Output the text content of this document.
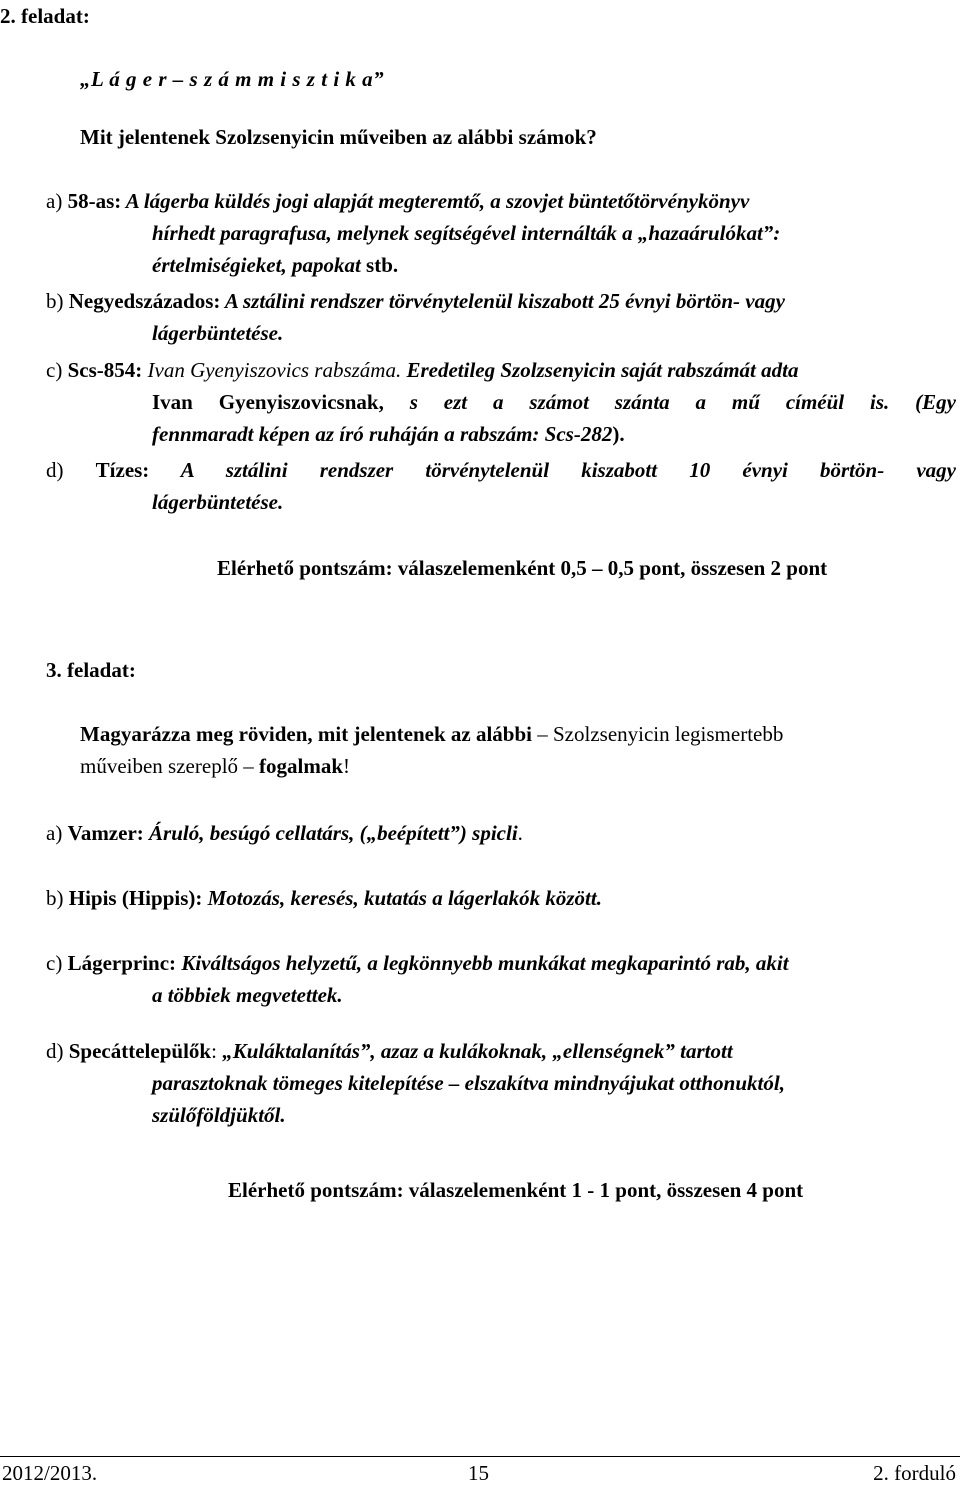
2. feladat:
„L á g e r – s z á m m i s z t i k a”
Mit jelentenek Szolzsenyicin műveiben az alábbi számok?
a) 58-as: A lágerba küldés jogi alapját megteremtő, a szovjet büntetőtörvénykönyv
hírhedt paragrafusa, melynek segítségével internálták a „hazaárulókat”:
értelmiségieket, papokat stb.
b) Negyedszázados: A sztálini rendszer törvénytelenül kiszabott 25 évnyi börtön- vagy
lágerbüntetése.
c) Scs-854: Ivan Gyenyiszovics rabszáma. Eredetileg Szolzsenyicin saját rabszámát adta
Ivan Gyenyiszovicsnak, s ezt a számot szánta a mű címéül is. (Egy
fennmaradt képen az író ruháján a rabszám: Scs-282).
d) Tízes: A sztálini rendszer törvénytelenül kiszabott 10 évnyi börtön- vagy
lágerbüntetése.
Elérhető pontszám: válaszelemenként 0,5 – 0,5 pont, összesen 2 pont
3. feladat:
Magyarázza meg röviden, mit jelentenek az alábbi – Szolzsenyicin legismertebb
műveiben szereplő – fogalmak!
a) Vamzer: Áruló, besúgó cellatárs, („beépített”) spicli.
b) Hipis (Hippis): Motozás, keresés, kutatás a lágerlakók között.
c) Lágerprinc: Kiváltságos helyzetű, a legkönnyebb munkákat megkaparintó rab, akit
a többiek megvetettek.
d) Specáttelepülők: „Kuláktalanítás”, azaz a kulákoknak, „ellenségnek” tartott
parasztoknak tömeges kitelepítése – elszakítva mindnyájukat otthonuktól,
szülőföldjüktől.
Elérhető pontszám: válaszelemenként 1 - 1 pont, összesen 4 pont
2012/2013.	15	2. forduló
